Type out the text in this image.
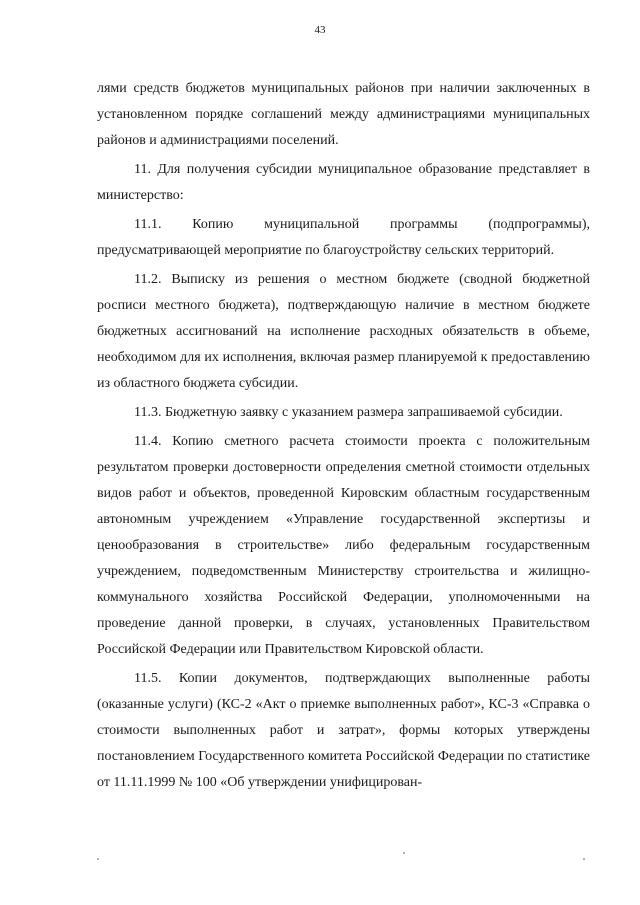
43

лями средств бюджетов муниципальных районов при наличии заключенных в установленном порядке соглашений между администрациями муниципальных районов и администрациями поселений.

11. Для получения субсидии муниципальное образование представляет в министерство:

11.1. Копию муниципальной программы (подпрограммы), предусматривающей мероприятие по благоустройству сельских территорий.

11.2. Выписку из решения о местном бюджете (сводной бюджетной росписи местного бюджета), подтверждающую наличие в местном бюджете бюджетных ассигнований на исполнение расходных обязательств в объеме, необходимом для их исполнения, включая размер планируемой к предоставлению из областного бюджета субсидии.

11.3. Бюджетную заявку с указанием размера запрашиваемой субсидии.

11.4. Копию сметного расчета стоимости проекта с положительным результатом проверки достоверности определения сметной стоимости отдельных видов работ и объектов, проведенной Кировским областным государственным автономным учреждением «Управление государственной экспертизы и ценообразования в строительстве» либо федеральным государственным учреждением, подведомственным Министерству строительства и жилищно-коммунального хозяйства Российской Федерации, уполномоченными на проведение данной проверки, в случаях, установленных Правительством Российской Федерации или Правительством Кировской области.

11.5. Копии документов, подтверждающих выполненные работы (оказанные услуги) (КС-2 «Акт о приемке выполненных работ», КС-3 «Справка о стоимости выполненных работ и затрат», формы которых утверждены постановлением Государственного комитета Российской Федерации по статистике от 11.11.1999 № 100 «Об утверждении унифицирован-
